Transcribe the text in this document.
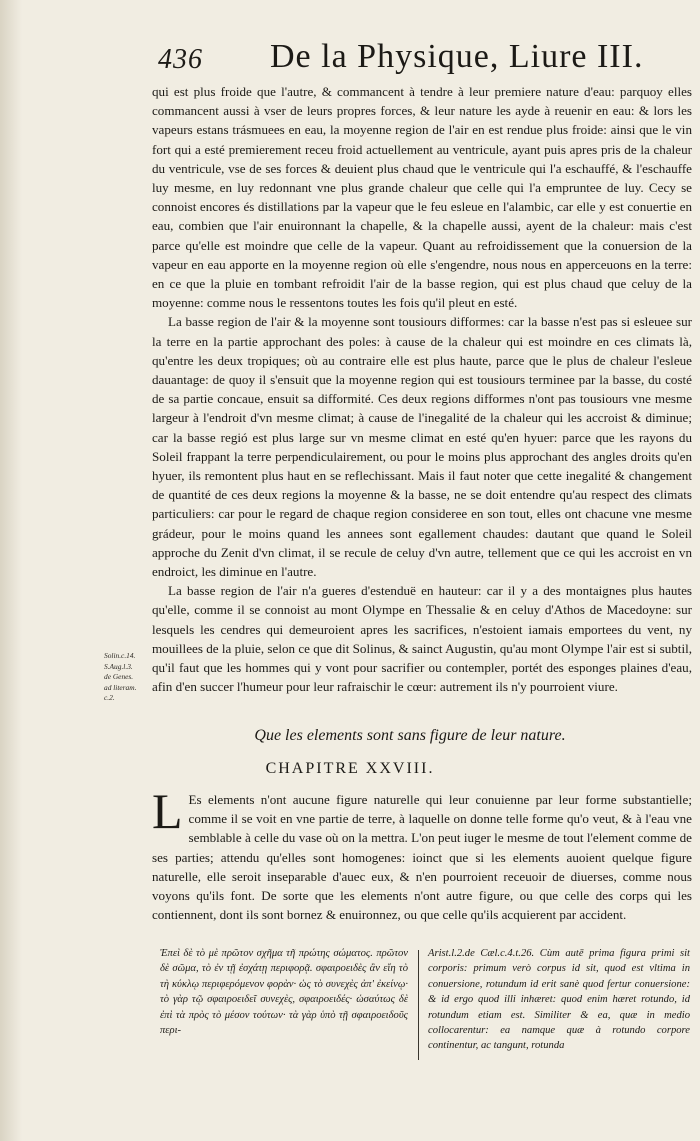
436 De la Physique, Liure III.

qui est plus froide que l'autre, & commancent à tendre à leur premiere nature d'eau: parquoy elles commancent aussi à vser de leurs propres forces, & leur nature les ayde à reuenir en eau: & lors les vapeurs estans trásmuees en eau, la moyenne region de l'air en est rendue plus froide: ainsi que le vin fort qui a esté premierement receu froid actuellement au ventricule, ayant puis apres pris de la chaleur du ventricule, vse de ses forces & deuient plus chaud que le ventricule qui l'a eschauffé, & l'eschauffe luy mesme, en luy redonnant vne plus grande chaleur que celle qui l'a empruntee de luy. Cecy se connoist encores és distillations par la vapeur que le feu esleue en l'alambic, car elle y est conuertie en eau, combien que l'air enuironnant la chapelle, & la chapelle aussi, ayent de la chaleur: mais c'est parce qu'elle est moindre que celle de la vapeur. Quant au refroidissement que la conuersion de la vapeur en eau apporte en la moyenne region où elle s'engendre, nous nous en apperceuons en la terre: en ce que la pluie en tombant refroidit l'air de la basse region, qui est plus chaud que celuy de la moyenne: comme nous le ressentons toutes les fois qu'il pleut en esté.

La basse region de l'air & la moyenne sont tousiours difformes: car la basse n'est pas si esleuee sur la terre en la partie approchant des poles: à cause de la chaleur qui est moindre en ces climats là, qu'entre les deux tropiques; où au contraire elle est plus haute, parce que le plus de chaleur l'esleue dauantage: de quoy il s'ensuit que la moyenne region qui est tousiours terminee par la basse, du costé de sa partie concaue, ensuit sa difformité. Ces deux regions difformes n'ont pas tousiours vne mesme largeur à l'endroit d'vn mesme climat; à cause de l'inegalité de la chaleur qui les accroist & diminue; car la basse regió est plus large sur vn mesme climat en esté qu'en hyuer: parce que les rayons du Soleil frappant la terre perpendiculairement, ou pour le moins plus approchant des angles droits qu'en hyuer, ils remontent plus haut en se reflechissant. Mais il faut noter que cette inegalité & changement de quantité de ces deux regions la moyenne & la basse, ne se doit entendre qu'au respect des climats particuliers: car pour le regard de chaque region consideree en son tout, elles ont chacune vne mesme grádeur, pour le moins quand les annees sont egallement chaudes: dautant que quand le Soleil approche du Zenit d'vn climat, il se recule de celuy d'vn autre, tellement que ce qui les accroist en vn endroict, les diminue en l'autre.

La basse region de l'air n'a gueres d'estenduë en hauteur: car il y a des montaignes plus hautes qu'elle, comme il se connoist au mont Olympe en Thessalie & en celuy d'Athos de Macedoyne: sur lesquels les cendres qui demeuroient apres les sacrifices, n'estoient iamais emportees du vent, ny mouillees de la pluie, selon ce que dit Solinus, & sainct Augustin, qu'au mont Olympe l'air est si subtil, qu'il faut que les hommes qui y vont pour sacrifier ou contempler, portét des esponges plaines d'eau, afin d'en succer l'humeur pour leur rafraischir le cœur: autrement ils n'y pourroient viure.

Solin.c.14.
S.Aug.l.3.
de Genes.
ad literam.
c.2.
Que les elements sont sans figure de leur nature.
CHAPITRE XXVIII.
L Es elements n'ont aucune figure naturelle qui leur conuienne par leur forme substantielle; comme il se voit en vne partie de terre, à laquelle on donne telle forme qu'o veut, & à l'eau vne semblable à celle du vase où on la mettra. L'on peut iuger le mesme de tout l'element comme de ses parties; attendu qu'elles sont homogenes: ioinct que si les elements auoient quelque figure naturelle, elle seroit inseparable d'auec eux, & n'en pourroient receuoir de diuerses, comme nous voyons qu'ils font. De sorte que les elements n'ont autre figure, ou que celle des corps qui les contiennent, dont ils sont bornez & enuironnez, ou que celle qu'ils acquierent par accident.
Ἐπεὶ δὲ τὸ μὲ πρῶτον σχῆμα τῆ πρώτης σώματος. πρῶτον δὲ σῶμα, τὸ ἐν τῇ ἐσχάτῃ περιφορᾷ. σφαιροειδὲς ἂν εἴη τὸ τὴ κύκλῳ περιφερόμενον φορὰν· ὡς τὸ συνεχὲς ἀπ' ἐκείνῳ· τὸ γὰρ τῷ σφαιροειδεῖ συνεχὲς, σφαιροειδές· ὡσαύτως δὲ ἐπὶ τὰ πρὸς τὸ μέσον τούτων· τὰ γὰρ ὑπὸ τῇ σφαιροειδοῦς περι-
Arist.l.2.de Cæl.c.4.t.26. Cùm autē prima figura primi sit corporis: primum verò corpus id sit, quod est vltima in conuersione, rotundum id erit sanè quod fertur conuersione: & id ergo quod illi inhæret: quod enim hæret rotundo, id rotundum etiam est. Similiter & ea, quæ in medio collocarentur: ea namque quæ à rotundo corpore continentur, ac tangunt, rotunda
